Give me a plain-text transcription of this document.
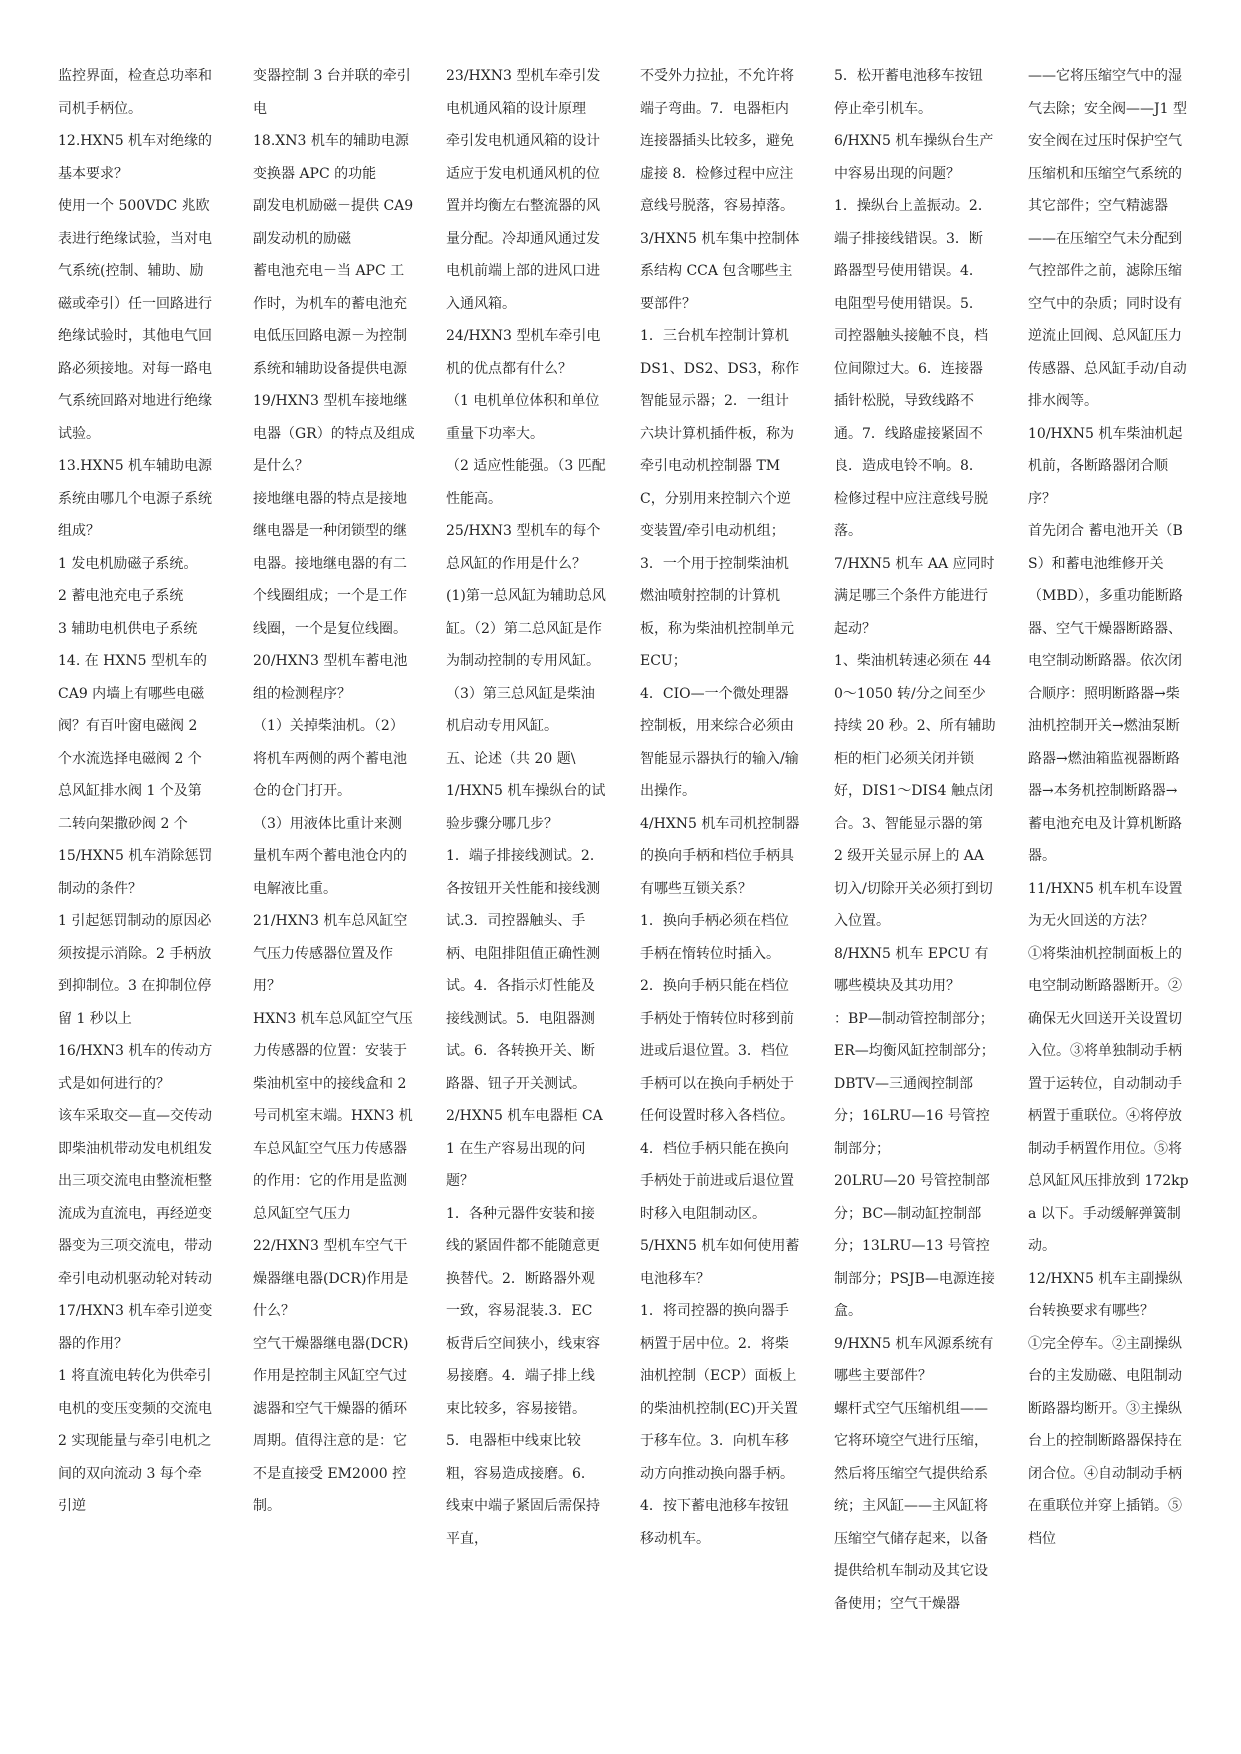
监控界面，检查总功率和司机手柄位。

12.HXN5 机车对绝缘的基本要求？

使用一个 500VDC 兆欧表进行绝缘试验，当对电气系统(控制、辅助、励磁或牵引）任一回路进行绝缘试验时，其他电气回路必须接地。对每一路电气系统回路对地进行绝缘试验。

13.HXN5 机车辅助电源系统由哪几个电源子系统组成？

1 发电机励磁子系统。

2 蓄电池充电子系统

3 辅助电机供电子系统

14. 在 HXN5 型机车的 CA9 内墙上有哪些电磁阀？有百叶窗电磁阀 2 个水流选择电磁阀 2 个总风缸排水阀 1 个及第二转向架撒砂阀 2 个

15/HXN5 机车消除惩罚制动的条件？

1 引起惩罚制动的原因必须按提示消除。2 手柄放到抑制位。3 在抑制位停留 1 秒以上

16/HXN3 机车的传动方式是如何进行的？

该车采取交—直—交传动即柴油机带动发电机组发出三项交流电由整流柜整流成为直流电，再经逆变器变为三项交流电，带动牵引电动机驱动轮对转动

17/HXN3 机车牵引逆变器的作用？

1 将直流电转化为供牵引电机的变压变频的交流电 2 实现能量与牵引电机之间的双向流动 3 每个牵引逆

变器控制 3 台并联的牵引电

18.XN3 机车的辅助电源变换器 APC 的功能

副发电机励磁－提供 CA9 副发动机的励磁

蓄电池充电－当 APC 工作时，为机车的蓄电池充电低压回路电源－为控制系统和辅助设备提供电源

19/HXN3 型机车接地继电器（GR）的特点及组成是什么？

接地继电器的特点是接地继电器是一种闭锁型的继电器。接地继电器的有二个线圈组成；一个是工作线圈，一个是复位线圈。

20/HXN3 型机车蓄电池组的检测程序？

（1）关掉柴油机。（2）将机车两侧的两个蓄电池仓的仓门打开。

（3）用液体比重计来测量机车两个蓄电池仓内的电解液比重。

21/HXN3 机车总风缸空气压力传感器位置及作用？

HXN3 机车总风缸空气压力传感器的位置：安装于柴油机室中的接线盒和 2 号司机室末端。HXN3 机车总风缸空气压力传感器的作用：它的作用是监测总风缸空气压力

22/HXN3 型机车空气干燥器继电器(DCR)作用是什么？

空气干燥器继电器(DCR)作用是控制主风缸空气过滤器和空气干燥器的循环周期。值得注意的是：它不是直接受 EM2000 控制。

23/HXN3 型机车牵引发电机通风箱的设计原理

牵引发电机通风箱的设计适应于发电机通风机的位置并均衡左右整流器的风量分配。冷却通风通过发电机前端上部的进风口进入通风箱。

24/HXN3 型机车牵引电机的优点都有什么？

（1 电机单位体积和单位重量下功率大。

（2 适应性能强。（3 匹配性能高。

25/HXN3 型机车的每个总风缸的作用是什么？

(1)第一总风缸为辅助总风缸。（2）第二总风缸是作为制动控制的专用风缸。（3）第三总风缸是柴油机启动专用风缸。

五、论述（共 20 题\

1/HXN5 机车操纵台的试验步骤分哪几步？

1．端子排接线测试。2．各按钮开关性能和接线测试.3．司控器触头、手柄、电阻排阻值正确性测试。4．各指示灯性能及接线测试。5．电阻器测试。6．各转换开关、断路器、钮子开关测试。

2/HXN5 机车电器柜 CA1 在生产容易出现的问题？

1．各种元器件安装和接线的紧固件都不能随意更换替代。2．断路器外观一致，容易混装.3．EC 板背后空间狭小，线束容易接磨。4．端子排上线束比较多，容易接错。5．电器柜中线束比较粗，容易造成接磨。6．线束中端子紧固后需保持平直，

不受外力拉扯，不允许将端子弯曲。7．电器柜内连接器插头比较多，避免虚接 8．检修过程中应注意线号脱落，容易掉落。

3/HXN5 机车集中控制体系结构 CCA 包含哪些主要部件？

1．三台机车控制计算机 DS1、DS2、DS3，称作智能显示器；2．一组计六块计算机插件板，称为牵引电动机控制器 TMC，分别用来控制六个逆变装置/牵引电动机组；3．一个用于控制柴油机燃油喷射控制的计算机板，称为柴油机控制单元 ECU；

4．CIO—一个微处理器控制板，用来综合必须由智能显示器执行的输入/输出操作。

4/HXN5 机车司机控制器的换向手柄和档位手柄具有哪些互锁关系？

1．换向手柄必须在档位手柄在惰转位时插入。2．换向手柄只能在档位手柄处于惰转位时移到前进或后退位置。3．档位手柄可以在换向手柄处于任何设置时移入各档位。4．档位手柄只能在换向手柄处于前进或后退位置时移入电阻制动区。

5/HXN5 机车如何使用蓄电池移车？

1．将司控器的换向器手柄置于居中位。2．将柴油机控制（ECP）面板上的柴油机控制(EC)开关置于移车位。3．向机车移动方向推动换向器手柄。4．按下蓄电池移车按钮移动机车。

5．松开蓄电池移车按钮停止牵引机车。

6/HXN5 机车操纵台生产中容易出现的问题？

1．操纵台上盖振动。2．端子排接线错误。3．断路器型号使用错误。4．电阻型号使用错误。5．司控器触头接触不良，档位间隙过大。6．连接器插针松脱，导致线路不通。7．线路虚接紧固不良．造成电铃不响。8．检修过程中应注意线号脱落。

7/HXN5 机车 AA 应同时满足哪三个条件方能进行起动？

1、柴油机转速必须在 440～1050 转/分之间至少持续 20 秒。2、所有辅助柜的柜门必须关闭并锁好，DIS1～DIS4 触点闭合。3、智能显示器的第 2 级开关显示屏上的 AA 切入/切除开关必须打到切入位置。

8/HXN5 机车 EPCU 有哪些模块及其功用？

：BP—制动管控制部分；ER—均衡风缸控制部分；DBTV—三通阀控制部分；16LRU—16 号管控制部分；

20LRU—20 号管控制部分；BC—制动缸控制部分；13LRU—13 号管控制部分；PSJB—电源连接盒。

9/HXN5 机车风源系统有哪些主要部件？

螺杆式空气压缩机组——它将环境空气进行压缩，然后将压缩空气提供给系统；主风缸——主风缸将压缩空气储存起来，以备提供给机车制动及其它设备使用；空气干燥器

——它将压缩空气中的湿气去除；安全阀——J1 型安全阀在过压时保护空气压缩机和压缩空气系统的其它部件；空气精滤器——在压缩空气未分配到气控部件之前，滤除压缩空气中的杂质；同时设有逆流止回阀、总风缸压力传感器、总风缸手动/自动排水阀等。

10/HXN5 机车柴油机起机前，各断路器闭合顺序？

首先闭合 蓄电池开关（BS）和蓄电池维修开关（MBD），多重功能断路器、空气干燥器断路器、电空制动断路器。依次闭合顺序：照明断路器→柴油机控制开关→燃油泵断路器→燃油箱监视器断路器→本务机控制断路器→蓄电池充电及计算机断路器。

11/HXN5 机车机车设置为无火回送的方法？

①将柴油机控制面板上的电空制动断路器断开。②确保无火回送开关设置切入位。③将单独制动手柄置于运转位，自动制动手柄置于重联位。④将停放制动手柄置作用位。⑤将总风缸风压排放到 172kpa 以下。手动缓解弹簧制动。

12/HXN5 机车主副操纵台转换要求有哪些？

①完全停车。②主副操纵台的主发励磁、电阻制动断路器均断开。③主操纵台上的控制断路器保持在闭合位。④自动制动手柄在重联位并穿上插销。⑤档位
